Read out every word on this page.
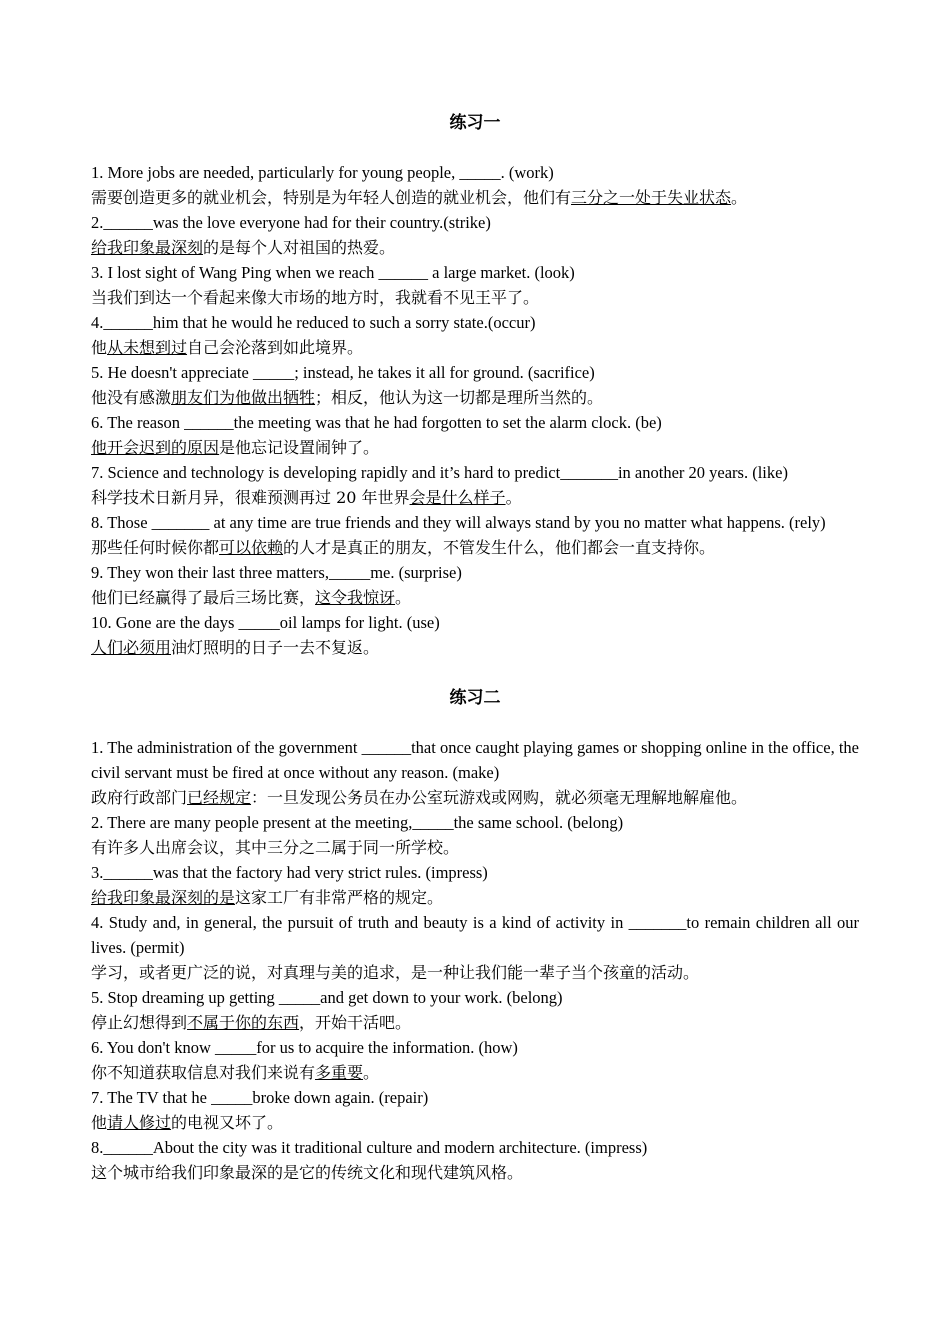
练习一

1. More jobs are needed, particularly for young people, _____. (work)

需要创造更多的就业机会，特别是为年轻人创造的就业机会，他们有三分之一处于失业状态。

2.______was the love everyone had for their country.(strike)

给我印象最深刻的是每个人对祖国的热爱。

3. I lost sight of Wang Ping when we reach ______ a large market. (look)

当我们到达一个看起来像大市场的地方时，我就看不见王平了。

4.______him that he would he reduced to such a sorry state.(occur)

他从未想到过自己会沦落到如此境界。

5. He doesn't appreciate _____; instead, he takes it all for ground. (sacrifice)

他没有感激朋友们为他做出牺牲；相反，他认为这一切都是理所当然的。

6. The reason ______the meeting was that he had forgotten to set the alarm clock. (be)

他开会迟到的原因是他忘记设置闹钟了。

7. Science and technology is developing rapidly and it’s hard to predict_______in another 20 years. (like)

科学技术日新月异，很难预测再过 20 年世界会是什么样子。

8. Those _______ at any time are true friends and they will always stand by you no matter what happens. (rely)

那些任何时候你都可以依赖的人才是真正的朋友，不管发生什么，他们都会一直支持你。

9. They won their last three matters,_____me. (surprise)

他们已经赢得了最后三场比赛，这令我惊讶。

10. Gone are the days _____oil lamps for light. (use)

人们必须用油灯照明的日子一去不复返。

练习二

1. The administration of the government ______that once caught playing games or shopping online in the office, the civil servant must be fired at once without any reason. (make)

政府行政部门已经规定：一旦发现公务员在办公室玩游戏或网购，就必须毫无理解地解雇他。

2. There are many people present at the meeting,_____the same school. (belong)

有许多人出席会议，其中三分之二属于同一所学校。

3.______was that the factory had very strict rules. (impress)

给我印象最深刻的是这家工厂有非常严格的规定。

4. Study and, in general, the pursuit of truth and beauty is a kind of activity in _______to remain children all our lives. (permit)

学习，或者更广泛的说，对真理与美的追求，是一种让我们能一辈子当个孩童的活动。

5. Stop dreaming up getting _____and get down to your work. (belong)

停止幻想得到不属于你的东西，开始干活吧。

6. You don't know _____for us to acquire the information. (how)

你不知道获取信息对我们来说有多重要。

7. The TV that he _____broke down again. (repair)

他请人修过的电视又坏了。

8.______About the city was it traditional culture and modern architecture. (impress)

这个城市给我们印象最深的是它的传统文化和现代建筑风格。
